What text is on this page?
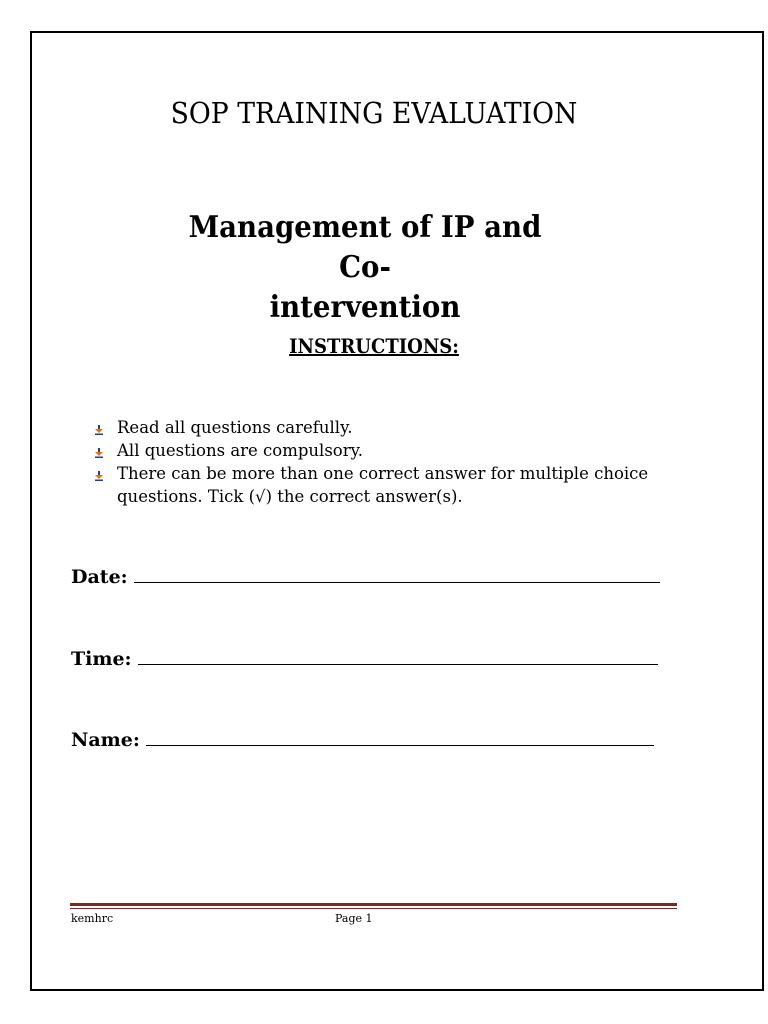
SOP TRAINING EVALUATION
Management of IP and Co-
intervention
INSTRUCTIONS:
Read all questions carefully.
All questions are compulsory.
There can be more than one correct answer for multiple choice questions. Tick (√) the correct answer(s).
Date:
Time:
Name:
kemhrc	Page 1
